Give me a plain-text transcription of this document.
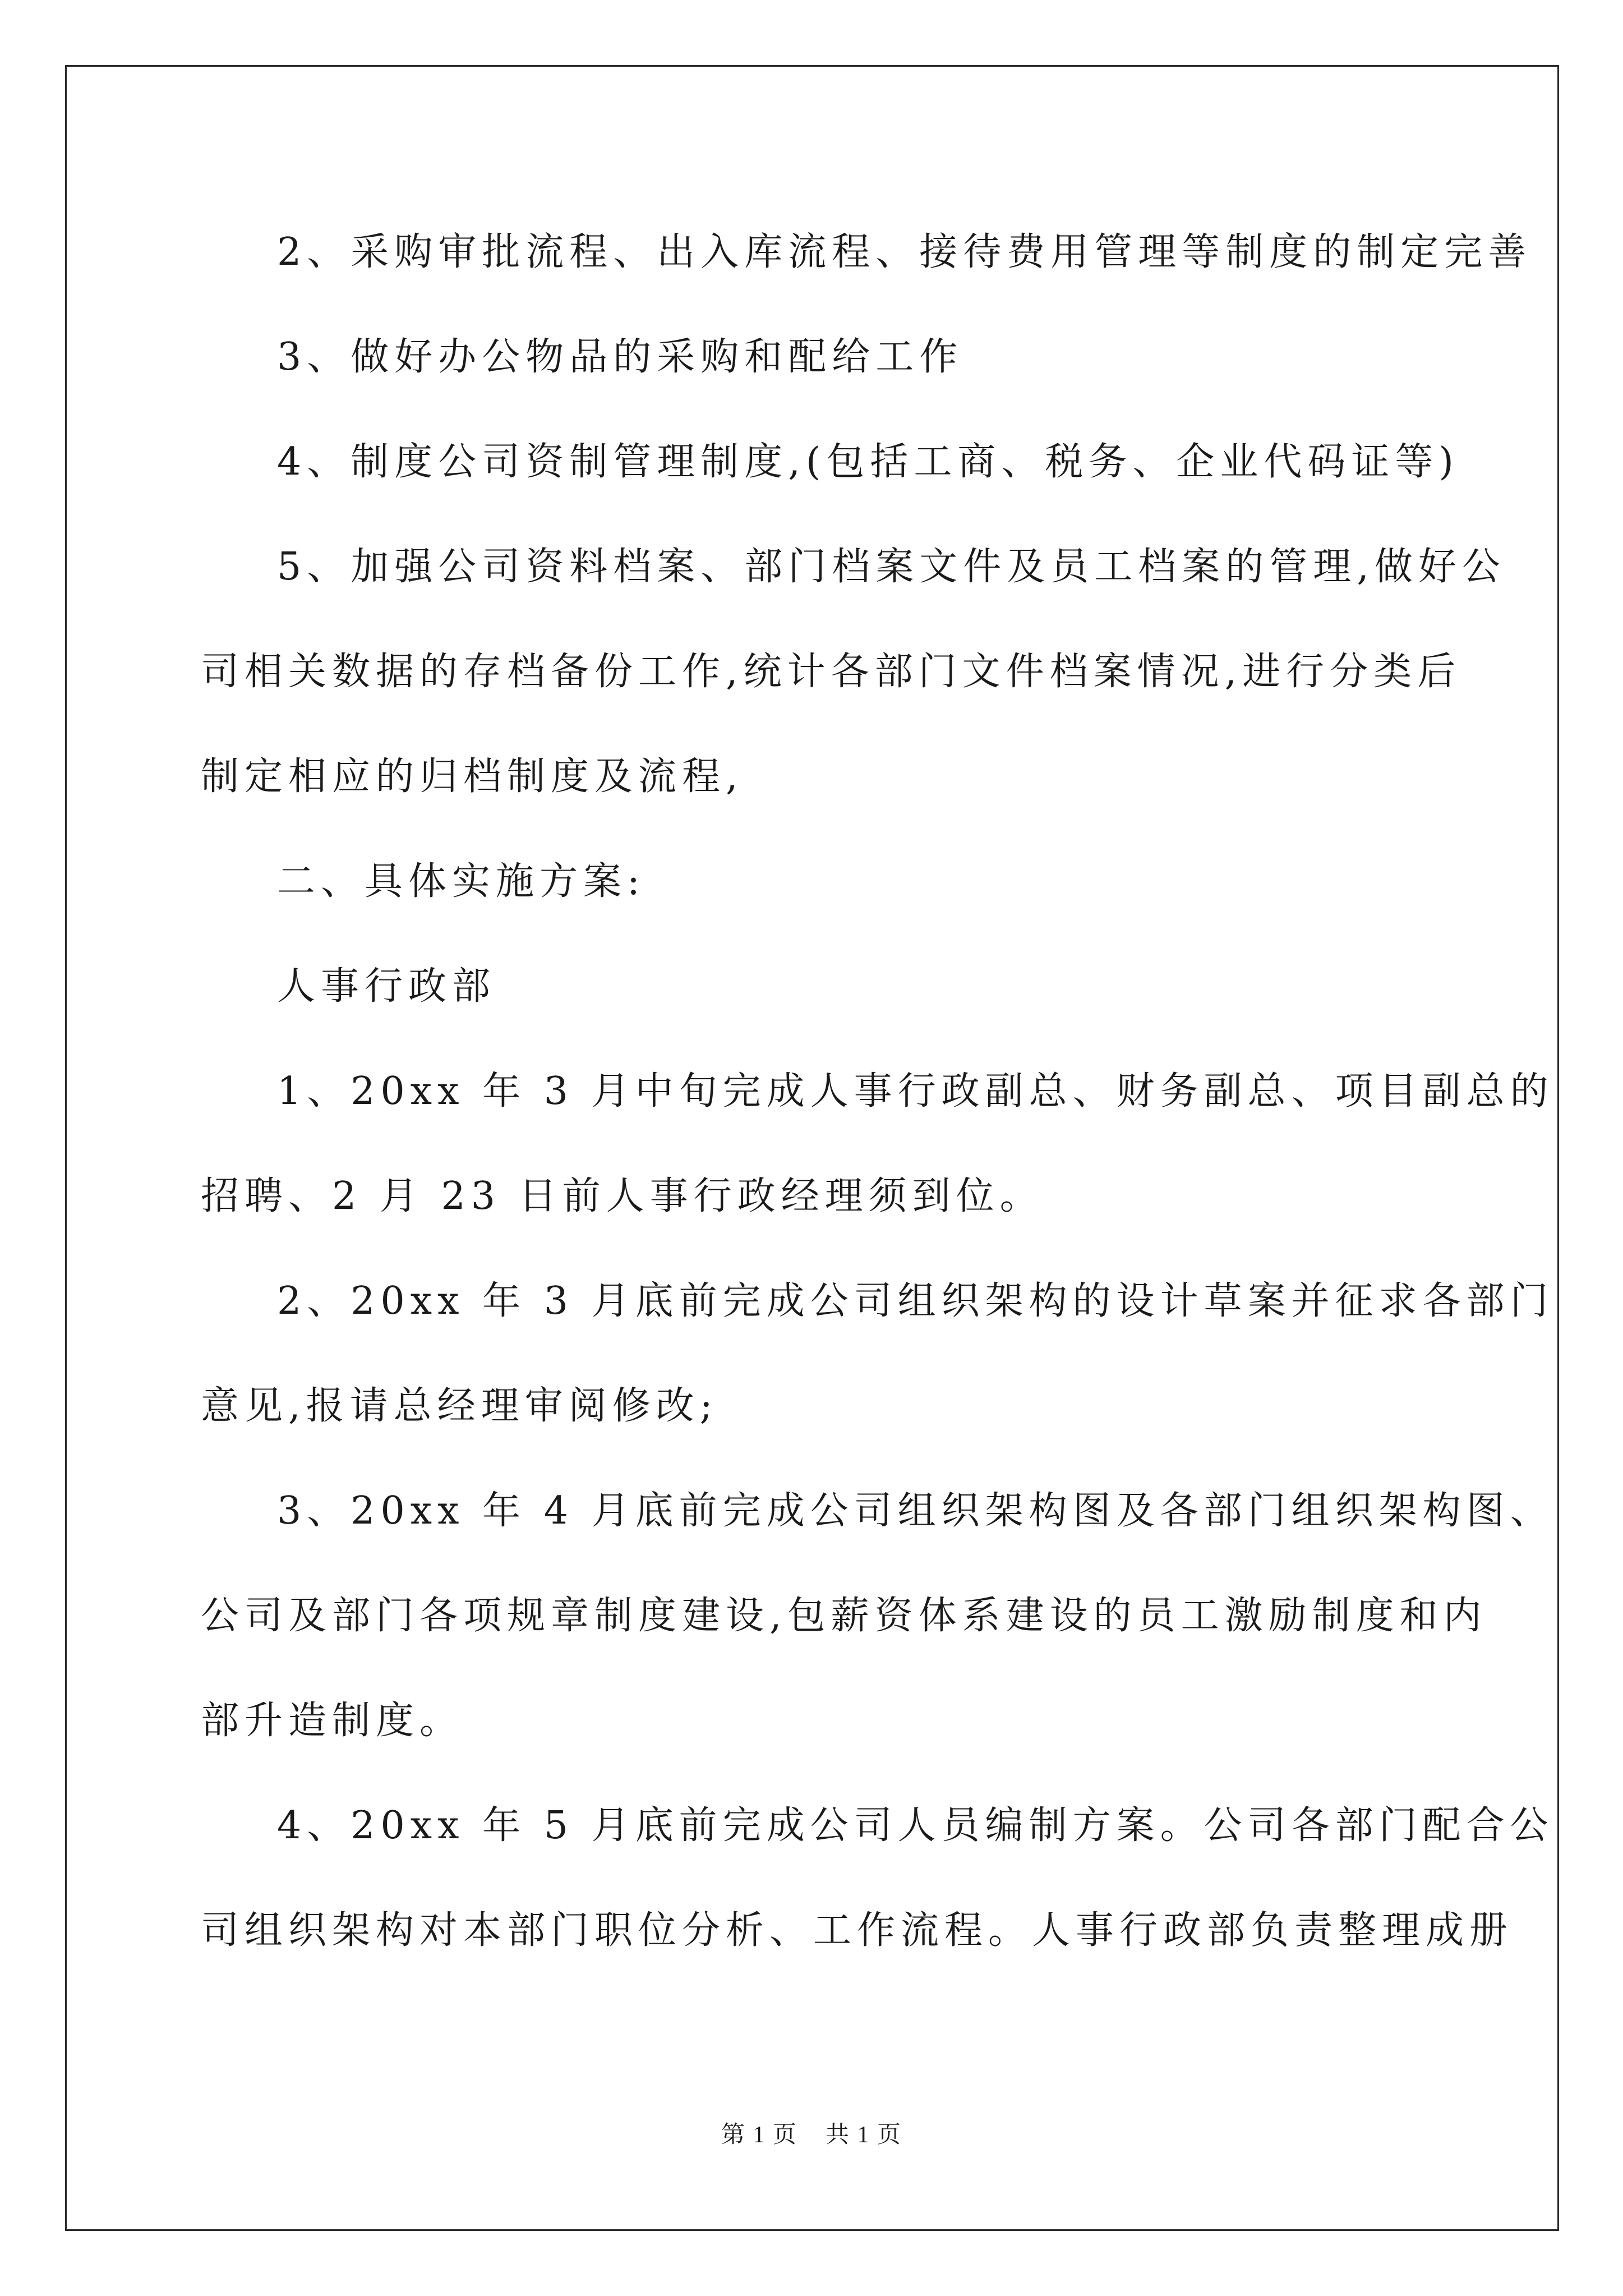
2、采购审批流程、出入库流程、接待费用管理等制度的制定完善

3、做好办公物品的采购和配给工作

4、制度公司资制管理制度,(包括工商、税务、企业代码证等)

5、加强公司资料档案、部门档案文件及员工档案的管理,做好公

司相关数据的存档备份工作,统计各部门文件档案情况,进行分类后

制定相应的归档制度及流程,

二、具体实施方案:

人事行政部

1、20xx 年 3 月中旬完成人事行政副总、财务副总、项目副总的

招聘、2 月 23 日前人事行政经理须到位。

2、20xx 年 3 月底前完成公司组织架构的设计草案并征求各部门

意见,报请总经理审阅修改;

3、20xx 年 4 月底前完成公司组织架构图及各部门组织架构图、

公司及部门各项规章制度建设,包薪资体系建设的员工激励制度和内

部升造制度。

4、20xx 年 5 月底前完成公司人员编制方案。公司各部门配合公

司组织架构对本部门职位分析、工作流程。人事行政部负责整理成册

第 1 页    共 1 页
